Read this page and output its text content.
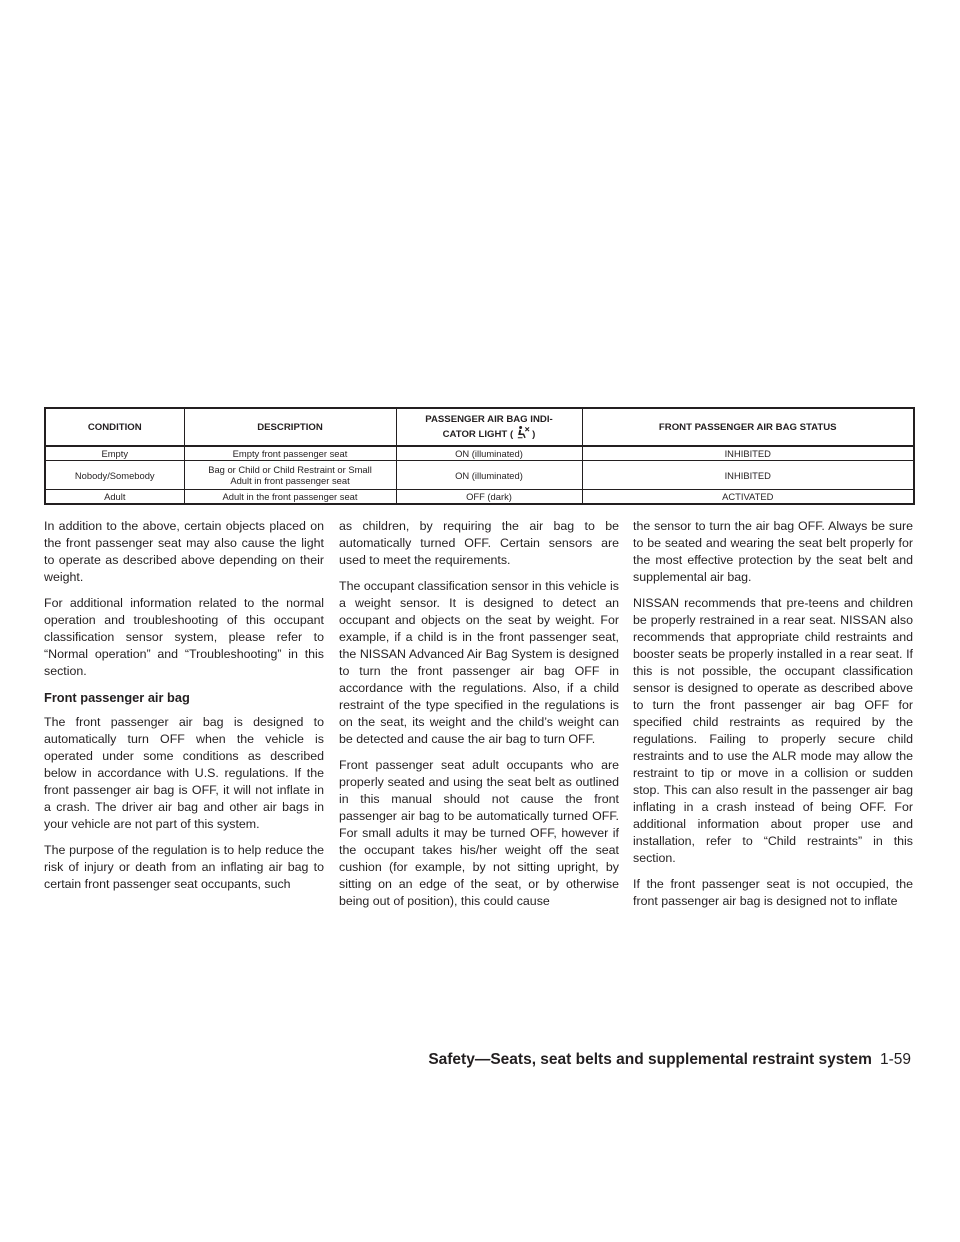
CONDITION	DESCRIPTION	PASSENGER AIR BAG INDI-
CATOR LIGHT ( )	FRONT PASSENGER AIR BAG STATUS
Empty	Empty front passenger seat	ON (illuminated)	INHIBITED
Nobody/Somebody	Bag or Child or Child Restraint or Small
Adult in front passenger seat	ON (illuminated)	INHIBITED
Adult	Adult in the front passenger seat	OFF (dark)	ACTIVATED

In addition to the above, certain objects placed on the front passenger seat may also cause the light to operate as described above depending on their weight.

For additional information related to the normal operation and troubleshooting of this occupant classification sensor system, please refer to “Normal operation” and “Troubleshooting” in this section.

Front passenger air bag

The front passenger air bag is designed to automatically turn OFF when the vehicle is operated under some conditions as described below in accordance with U.S. regulations. If the front passenger air bag is OFF, it will not inflate in a crash. The driver air bag and other air bags in your vehicle are not part of this system.

The purpose of the regulation is to help reduce the risk of injury or death from an inflating air bag to certain front passenger seat occupants, such

as children, by requiring the air bag to be automatically turned OFF. Certain sensors are used to meet the requirements.

The occupant classification sensor in this vehicle is a weight sensor. It is designed to detect an occupant and objects on the seat by weight. For example, if a child is in the front passenger seat, the NISSAN Advanced Air Bag System is designed to turn the front passenger air bag OFF in accordance with the regulations. Also, if a child restraint of the type specified in the regulations is on the seat, its weight and the child’s weight can be detected and cause the air bag to turn OFF.

Front passenger seat adult occupants who are properly seated and using the seat belt as outlined in this manual should not cause the front passenger air bag to be automatically turned OFF. For small adults it may be turned OFF, however if the occupant takes his/her weight off the seat cushion (for example, by not sitting upright, by sitting on an edge of the seat, or by otherwise being out of position), this could cause

the sensor to turn the air bag OFF. Always be sure to be seated and wearing the seat belt properly for the most effective protection by the seat belt and supplemental air bag.

NISSAN recommends that pre-teens and children be properly restrained in a rear seat. NISSAN also recommends that appropriate child restraints and booster seats be properly installed in a rear seat. If this is not possible, the occupant classification sensor is designed to operate as described above to turn the front passenger air bag OFF for specified child restraints as required by the regulations. Failing to properly secure child restraints and to use the ALR mode may allow the restraint to tip or move in a collision or sudden stop. This can also result in the passenger air bag inflating in a crash instead of being OFF. For additional information about proper use and installation, refer to “Child restraints” in this section.

If the front passenger seat is not occupied, the front passenger air bag is designed not to inflate

Safety—Seats, seat belts and supplemental restraint system 1-59
